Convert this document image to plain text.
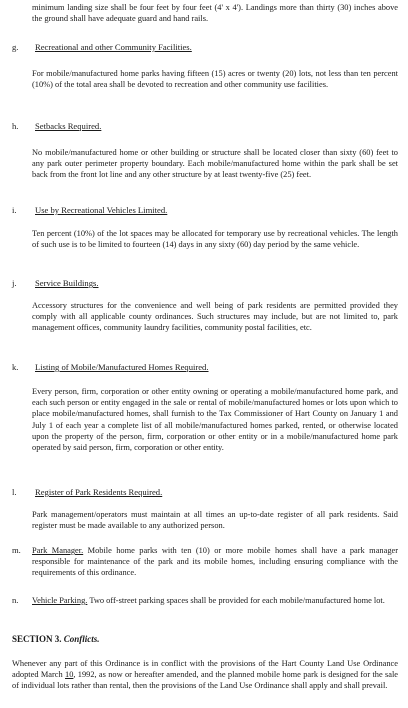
minimum landing size shall be four feet by four feet (4' x 4'). Landings more than thirty (30) inches above the ground shall have adequate guard and hand rails.

g. Recreational and other Community Facilities.

For mobile/manufactured home parks having fifteen (15) acres or twenty (20) lots, not less than ten percent (10%) of the total area shall be devoted to recreation and other community use facilities.

h. Setbacks Required.

No mobile/manufactured home or other building or structure shall be located closer than sixty (60) feet to any park outer perimeter property boundary. Each mobile/manufactured home within the park shall be set back from the front lot line and any other structure by at least twenty-five (25) feet.

i. Use by Recreational Vehicles Limited.

Ten percent (10%) of the lot spaces may be allocated for temporary use by recreational vehicles. The length of such use is to be limited to fourteen (14) days in any sixty (60) day period by the same vehicle.

j. Service Buildings.

Accessory structures for the convenience and well being of park residents are permitted provided they comply with all applicable county ordinances. Such structures may include, but are not limited to, park management offices, community laundry facilities, community postal facilities, etc.

k. Listing of Mobile/Manufactured Homes Required.

Every person, firm, corporation or other entity owning or operating a mobile/manufactured home park, and each such person or entity engaged in the sale or rental of mobile/manufactured homes or lots upon which to place mobile/manufactured homes, shall furnish to the Tax Commissioner of Hart County on January 1 and July 1 of each year a complete list of all mobile/manufactured homes parked, rented, or otherwise located upon the property of the person, firm, corporation or other entity or in a mobile/manufactured home park operated by said person, firm, corporation or other entity.

l. Register of Park Residents Required.

Park management/operators must maintain at all times an up-to-date register of all park residents. Said register must be made available to any authorized person.

m. Park Manager. Mobile home parks with ten (10) or more mobile homes shall have a park manager responsible for maintenance of the park and its mobile homes, including ensuring compliance with the requirements of this ordinance.

n. Vehicle Parking. Two off-street parking spaces shall be provided for each mobile/manufactured home lot.

SECTION 3. Conflicts.

Whenever any part of this Ordinance is in conflict with the provisions of the Hart County Land Use Ordinance adopted March 10, 1992, as now or hereafter amended, and the planned mobile home park is designed for the sale of individual lots rather than rental, then the provisions of the Land Use Ordinance shall apply and shall prevail.
